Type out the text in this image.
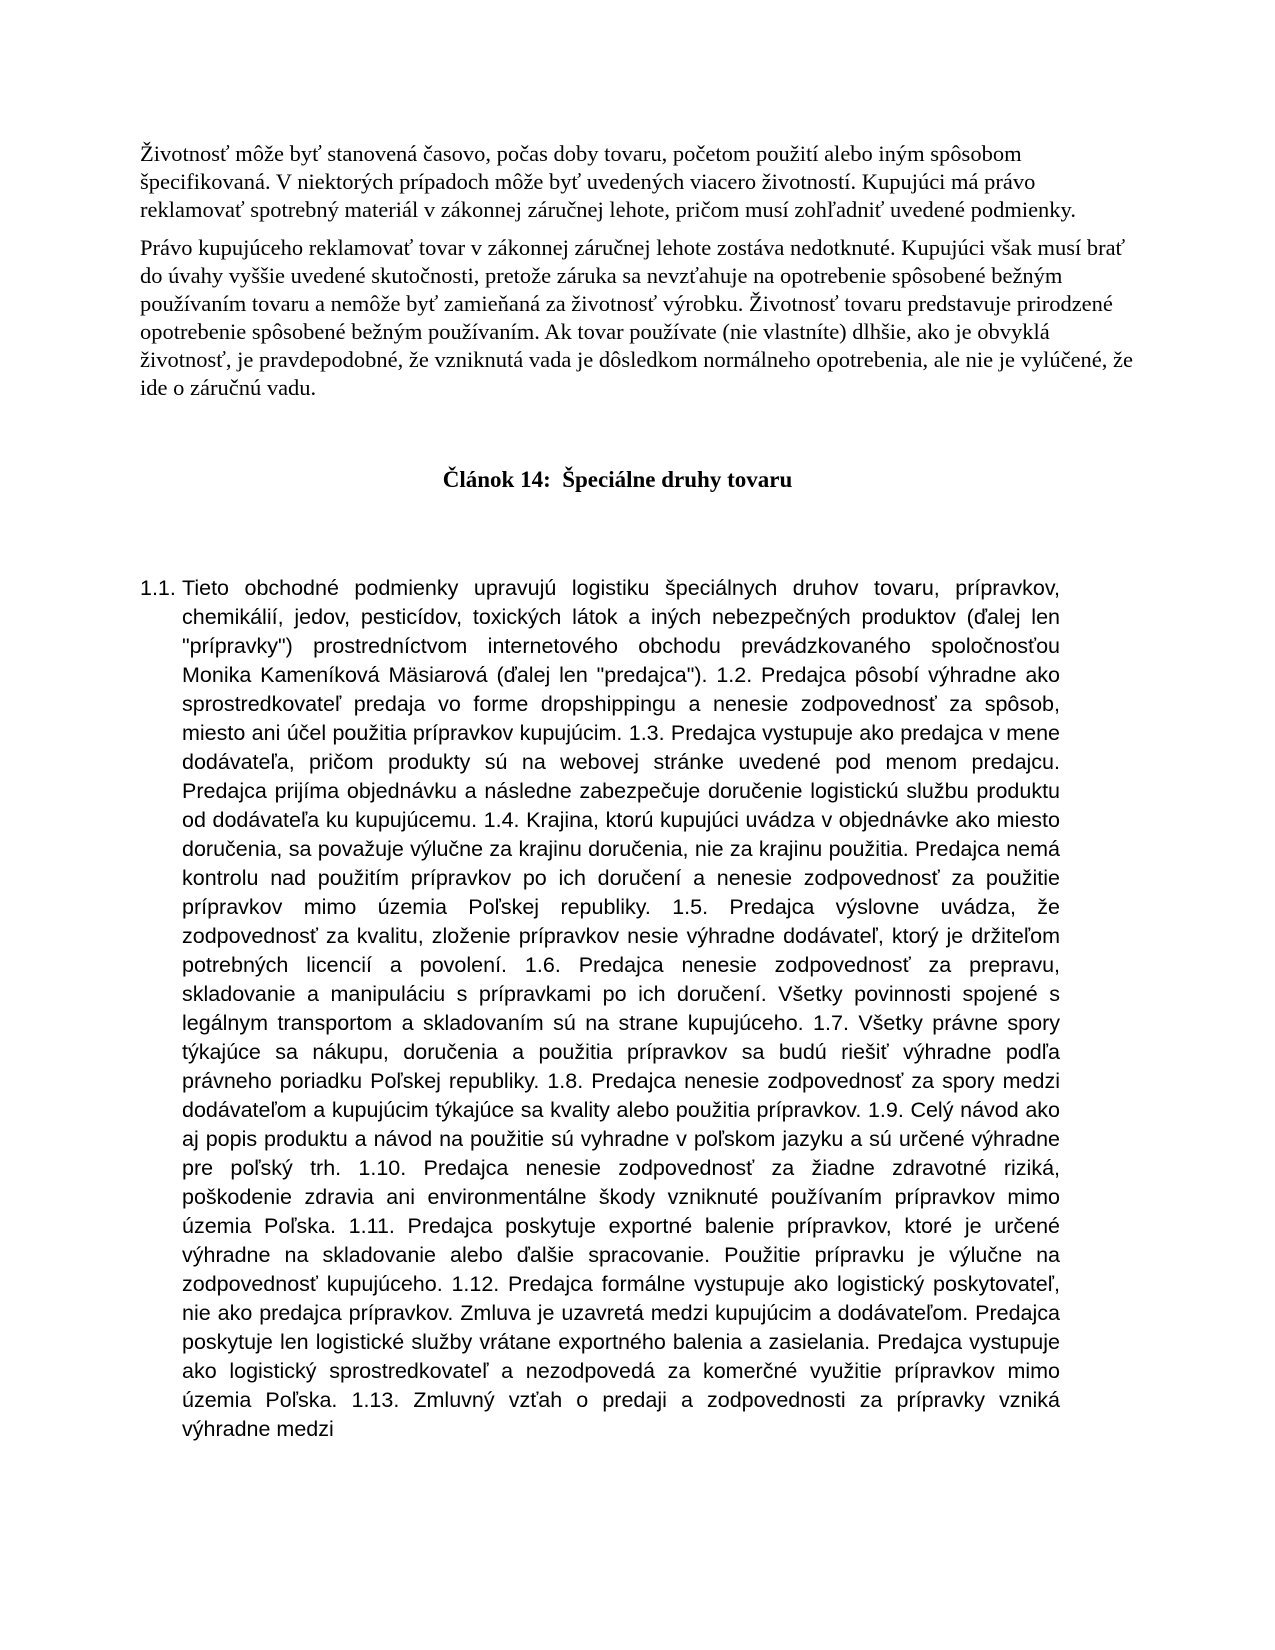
Životnosť môže byť stanovená časovo, počas doby tovaru, početom použití alebo iným spôsobom špecifikovaná. V niektorých prípadoch môže byť uvedených viacero životností. Kupujúci má právo reklamovať spotrebný materiál v zákonnej záručnej lehote, pričom musí zohľadniť uvedené podmienky.

Právo kupujúceho reklamovať tovar v zákonnej záručnej lehote zostáva nedotknuté. Kupujúci však musí brať do úvahy vyššie uvedené skutočnosti, pretože záruka sa nevzťahuje na opotrebenie spôsobené bežným používaním tovaru a nemôže byť zamieňaná za životnosť výrobku. Životnosť tovaru predstavuje prirodzené opotrebenie spôsobené bežným používaním. Ak tovar používate (nie vlastníte) dlhšie, ako je obvyklá životnosť, je pravdepodobné, že vzniknutá vada je dôsledkom normálneho opotrebenia, ale nie je vylúčené, že ide o záručnú vadu.

Článok 14:  Špeciálne druhy tovaru
1.1. Tieto obchodné podmienky upravujú logistiku špeciálnych druhov tovaru, prípravkov, chemikálií, jedov, pesticídov, toxických látok a iných nebezpečných produktov (ďalej len "prípravky") prostredníctvom internetového obchodu prevádzkovaného spoločnosťou Monika Kameníková Mäsiarová (ďalej len "predajca"). 1.2. Predajca pôsobí výhradne ako sprostredkovateľ predaja vo forme dropshippingu a nenesie zodpovednosť za spôsob, miesto ani účel použitia prípravkov kupujúcim. 1.3. Predajca vystupuje ako predajca v mene dodávateľa, pričom produkty sú na webovej stránke uvedené pod menom predajcu. Predajca prijíma objednávku a následne zabezpečuje doručenie logistickú službu produktu od dodávateľa ku kupujúcemu. 1.4. Krajina, ktorú kupujúci uvádza v objednávke ako miesto doručenia, sa považuje výlučne za krajinu doručenia, nie za krajinu použitia. Predajca nemá kontrolu nad použitím prípravkov po ich doručení a nenesie zodpovednosť za použitie prípravkov mimo územia Poľskej republiky. 1.5. Predajca výslovne uvádza, že zodpovednosť za kvalitu, zloženie prípravkov nesie výhradne dodávateľ, ktorý je držiteľom potrebných licencií a povolení. 1.6. Predajca nenesie zodpovednosť za prepravu, skladovanie a manipuláciu s prípravkami po ich doručení. Všetky povinnosti spojené s legálnym transportom a skladovaním sú na strane kupujúceho. 1.7. Všetky právne spory týkajúce sa nákupu, doručenia a použitia prípravkov sa budú riešiť výhradne podľa právneho poriadku Poľskej republiky. 1.8. Predajca nenesie zodpovednosť za spory medzi dodávateľom a kupujúcim týkajúce sa kvality alebo použitia prípravkov. 1.9. Celý návod ako aj popis produktu a návod na použitie sú vyhradne v poľskom jazyku a sú určené výhradne pre poľský trh. 1.10. Predajca nenesie zodpovednosť za žiadne zdravotné riziká, poškodenie zdravia ani environmentálne škody vzniknuté používaním prípravkov mimo územia Poľska. 1.11. Predajca poskytuje exportné balenie prípravkov, ktoré je určené výhradne na skladovanie alebo ďalšie spracovanie. Použitie prípravku je výlučne na zodpovednosť kupujúceho. 1.12. Predajca formálne vystupuje ako logistický poskytovateľ, nie ako predajca prípravkov. Zmluva je uzavretá medzi kupujúcim a dodávateľom. Predajca poskytuje len logistické služby vrátane exportného balenia a zasielania. Predajca vystupuje ako logistický sprostredkovateľ a nezodpovedá za komerčné využitie prípravkov mimo územia Poľska. 1.13. Zmluvný vzťah o predaji a zodpovednosti za prípravky vzniká výhradne medzi
